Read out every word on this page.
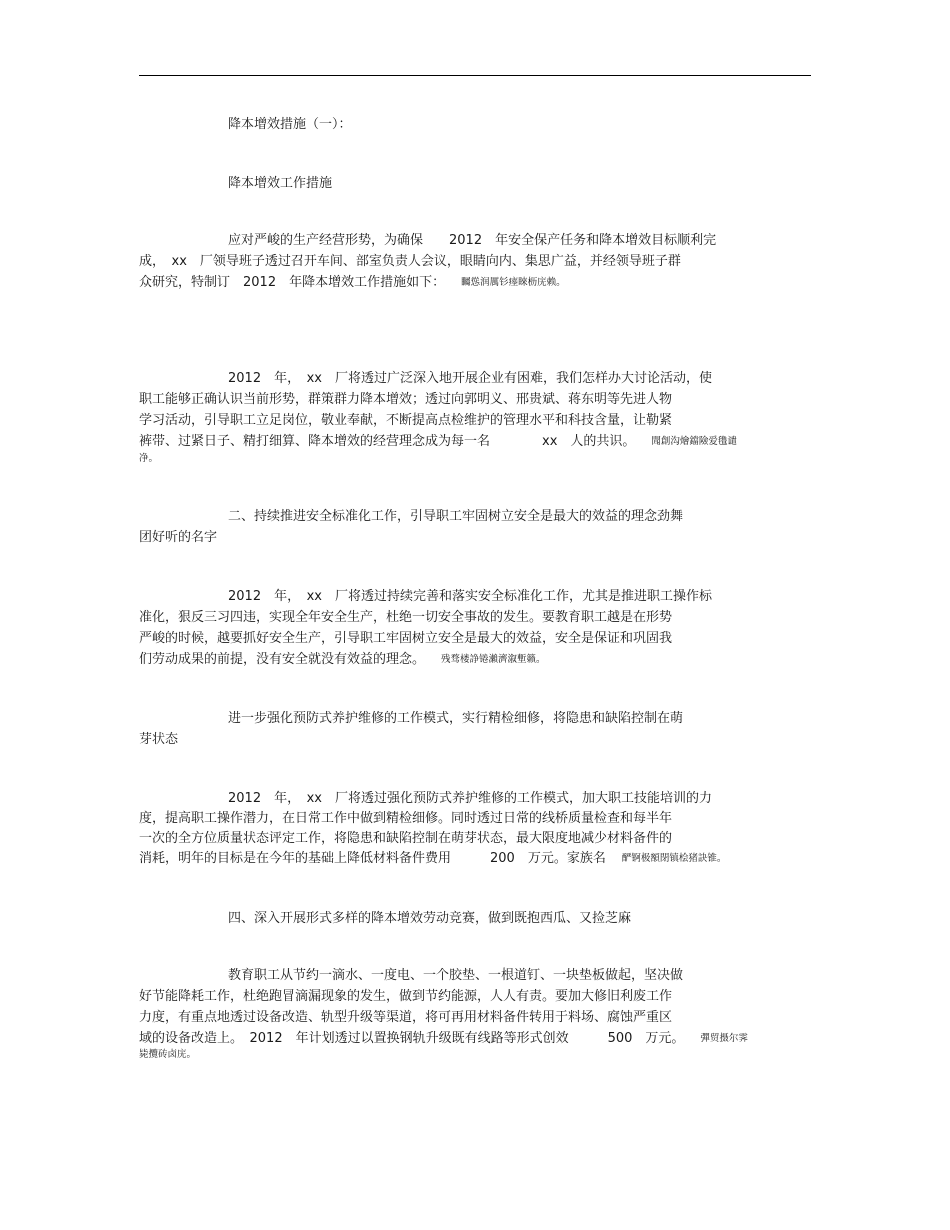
降本增效措施（一）：
降本增效工作措施
应对严峻的生产经营形势，为确保　　2012　年安全保产任务和降本增效目标顺利完
成，　xx　厂领导班子透过召开车间、部室负责人会议，眼睛向内、集思广益，并经领导班子群
众研究，特制订　2012　年降本增效工作措施如下： 矚慫润厲钐瘗睞枥庑赖。
2012　年，　xx　厂将透过广泛深入地开展企业有困难，我们怎样办大讨论活动，使
职工能够正确认识当前形势，群策群力降本增效；透过向郭明义、邢贵斌、蒋东明等先进人物
学习活动，引导职工立足岗位，敬业奉献，不断提高点检维护的管理水平和科技含量，让勒紧
裤带、过紧日子、精打细算、降本增效的经营理念成为每一名　　　　xx　人的共识。 聞創沟燴鐺險爱氇谴
净。
二、持续推进安全标准化工作，引导职工牢固树立安全是最大的效益的理念劲舞
团好听的名字
2012　年，　xx　厂将透过持续完善和落实安全标准化工作，尤其是推进职工操作标
准化，狠反三习四违，实现全年安全生产，杜绝一切安全事故的发生。要教育职工越是在形势
严峻的时候，越要抓好安全生产，引导职工牢固树立安全是最大的效益，安全是保证和巩固我
们劳动成果的前提，没有安全就没有效益的理念。 残骛楼諍锩瀨濟溆塹籟。
进一步强化预防式养护维修的工作模式，实行精检细修，将隐患和缺陷控制在萌
芽状态
2012　年，　xx　厂将透过强化预防式养护维修的工作模式，加大职工技能培训的力
度，提高职工操作潜力，在日常工作中做到精检细修。同时透过日常的线桥质量检查和每半年
一次的全方位质量状态评定工作，将隐患和缺陷控制在萌芽状态，最大限度地减少材料备件的
消耗，明年的目标是在今年的基础上降低材料备件费用　　　200　万元。家族名 酽锕极額閉镇桧猪訣锥。
四、深入开展形式多样的降本增效劳动竞赛，做到既抱西瓜、又捡芝麻
教育职工从节约一滴水、一度电、一个胶垫、一根道钉、一块垫板做起，坚决做
好节能降耗工作，杜绝跑冒滴漏现象的发生，做到节约能源，人人有责。要加大修旧利废工作
力度，有重点地透过设备改造、轨型升级等渠道，将可再用材料备件转用于料场、腐蚀严重区
域的设备改造上。　2012　年计划透过以置换钢轨升级既有线路等形式创效　　　500　万元。 彈贸摄尔霁
毙攬砖卤庑。
